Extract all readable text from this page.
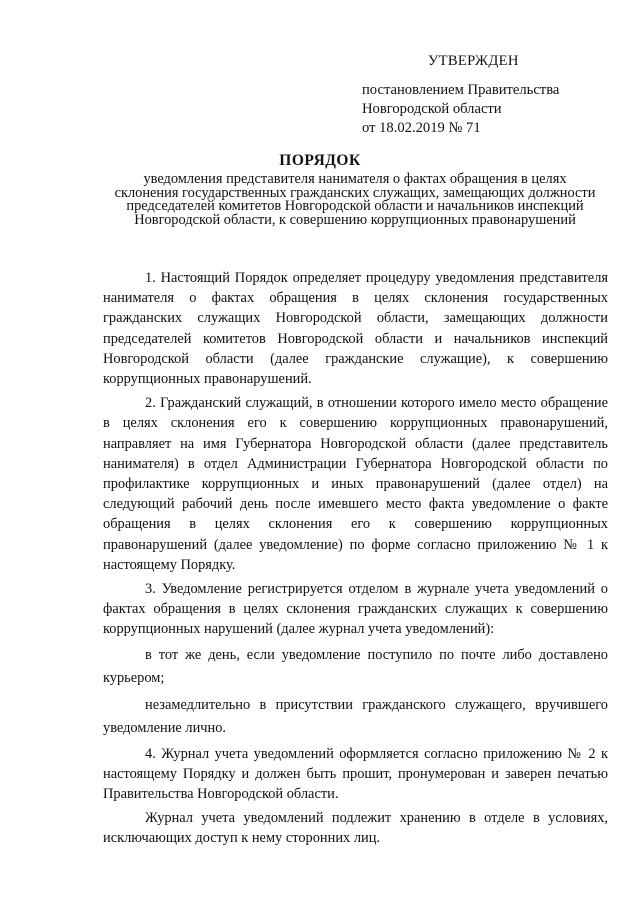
УТВЕРЖДЕН
постановлением Правительства
Новгородской области
от 18.02.2019 № 71
ПОРЯДОК
уведомления представителя нанимателя о фактах обращения в целях склонения государственных гражданских служащих, замещающих должности председателей комитетов Новгородской области и начальников инспекций Новгородской области, к совершению коррупционных правонарушений

1. Настоящий Порядок определяет процедуру уведомления представителя нанимателя о фактах обращения в целях склонения государственных гражданских служащих Новгородской области, замещающих должности председателей комитетов Новгородской области и начальников инспекций Новгородской области (далее гражданские служащие), к совершению коррупционных правонарушений.

2. Гражданский служащий, в отношении которого имело место обращение в целях склонения его к совершению коррупционных правонарушений, направляет на имя Губернатора Новгородской области (далее представитель нанимателя) в отдел Администрации Губернатора Новгородской области по профилактике коррупционных и иных правонарушений (далее отдел) на следующий рабочий день после имевшего место факта уведомление о факте обращения в целях склонения его к совершению коррупционных правонарушений (далее уведомление) по форме согласно приложению № 1 к настоящему Порядку.

3. Уведомление регистрируется отделом в журнале учета уведомлений о фактах обращения в целях склонения гражданских служащих к совершению коррупционных нарушений (далее журнал учета уведомлений):

в тот же день, если уведомление поступило по почте либо доставлено курьером;

незамедлительно в присутствии гражданского служащего, вручившего уведомление лично.

4. Журнал учета уведомлений оформляется согласно приложению № 2 к настоящему Порядку и должен быть прошит, пронумерован и заверен печатью Правительства Новгородской области.

Журнал учета уведомлений подлежит хранению в отделе в условиях, исключающих доступ к нему сторонних лиц.
